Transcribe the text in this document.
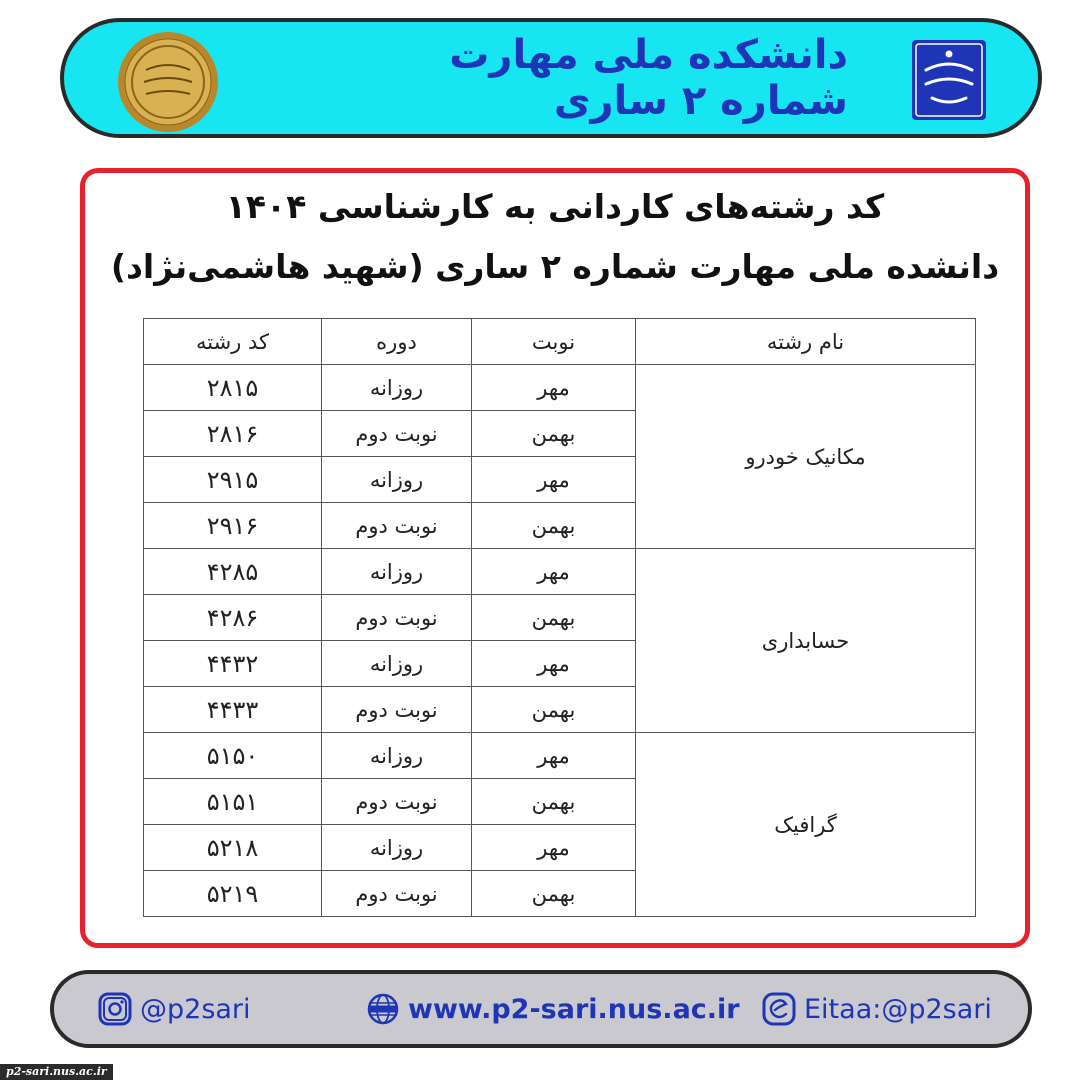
دانشکده ملی مهارت شماره ۲ ساری
کد رشته‌های کاردانی به کارشناسی ۱۴۰۴
دانشده ملی مهارت شماره ۲ ساری (شهید هاشمی‌نژاد)
نام رشته	نوبت	دوره	کد رشته
مکانیک خودرو	مهر	روزانه	۲۸۱۵
	بهمن	نوبت دوم	۲۸۱۶
	مهر	روزانه	۲۹۱۵
	بهمن	نوبت دوم	۲۹۱۶
حسابداری	مهر	روزانه	۴۲۸۵
	بهمن	نوبت دوم	۴۲۸۶
	مهر	روزانه	۴۴۳۲
	بهمن	نوبت دوم	۴۴۳۳
گرافیک	مهر	روزانه	۵۱۵۰
	بهمن	نوبت دوم	۵۱۵۱
	مهر	روزانه	۵۲۱۸
	بهمن	نوبت دوم	۵۲۱۹
@p2sari	www.p2-sari.nus.ac.ir Eitaa:@p2sari
p2-sari.nus.ac.ir
